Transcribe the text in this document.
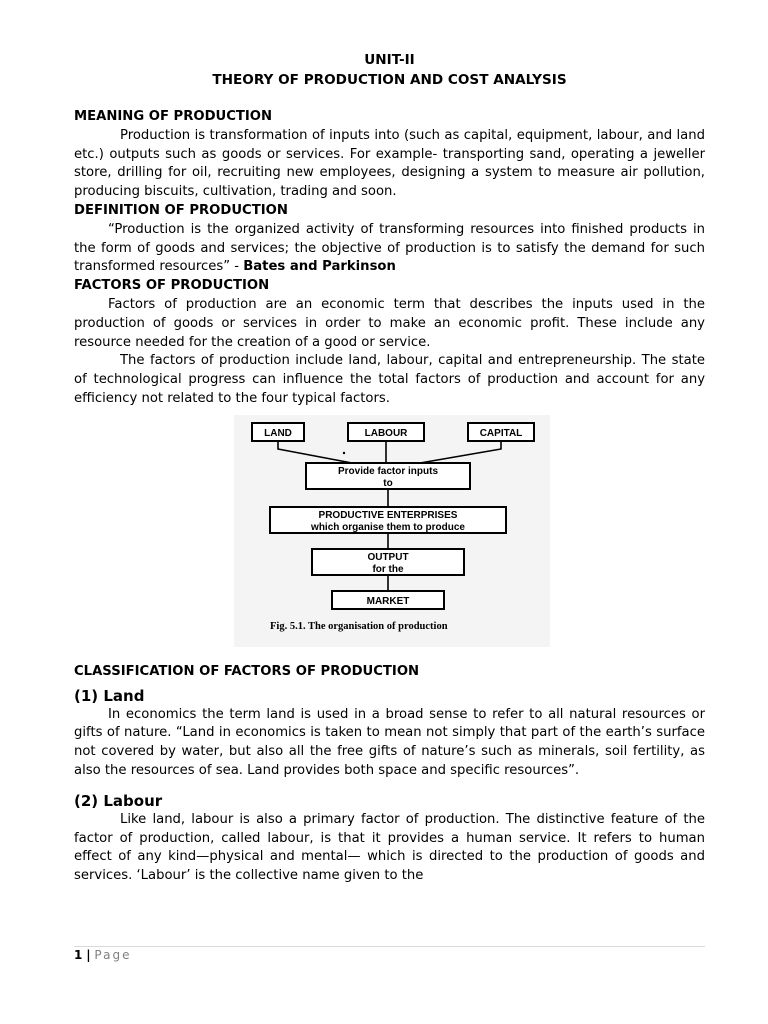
UNIT-II
THEORY OF PRODUCTION AND COST ANALYSIS
MEANING OF PRODUCTION

Production is transformation of inputs into (such as capital, equipment, labour, and land etc.) outputs such as goods or services. For example- transporting sand, operating a jeweller store, drilling for oil, recruiting new employees, designing a system to measure air pollution, producing biscuits, cultivation, trading and soon.

DEFINITION OF PRODUCTION

“Production is the organized activity of transforming resources into finished products in the form of goods and services; the objective of production is to satisfy the demand for such transformed resources” - Bates and Parkinson

FACTORS OF PRODUCTION

Factors of production are an economic term that describes the inputs used in the production of goods or services in order to make an economic profit. These include any resource needed for the creation of a good or service.

The factors of production include land, labour, capital and entrepreneurship. The state of technological progress can influence the total factors of production and account for any efficiency not related to the four typical factors.

LAND	LABOUR	CAPITAL
Provide factor inputs
to
PRODUCTIVE ENTERPRISES
which organise them to produce
OUTPUT
for the
MARKET
Fig. 5.1. The organisation of production
CLASSIFICATION OF FACTORS OF PRODUCTION
(1) Land

In economics the term land is used in a broad sense to refer to all natural resources or gifts of nature. “Land in economics is taken to mean not simply that part of the earth’s surface not covered by water, but also all the free gifts of nature’s such as minerals, soil fertility, as also the resources of sea. Land provides both space and specific resources”.

(2) Labour

Like land, labour is also a primary factor of production. The distinctive feature of the factor of production, called labour, is that it provides a human service. It refers to human effect of any kind—physical and mental— which is directed to the production of goods and services. ‘Labour’ is the collective name given to the

1 | Page
